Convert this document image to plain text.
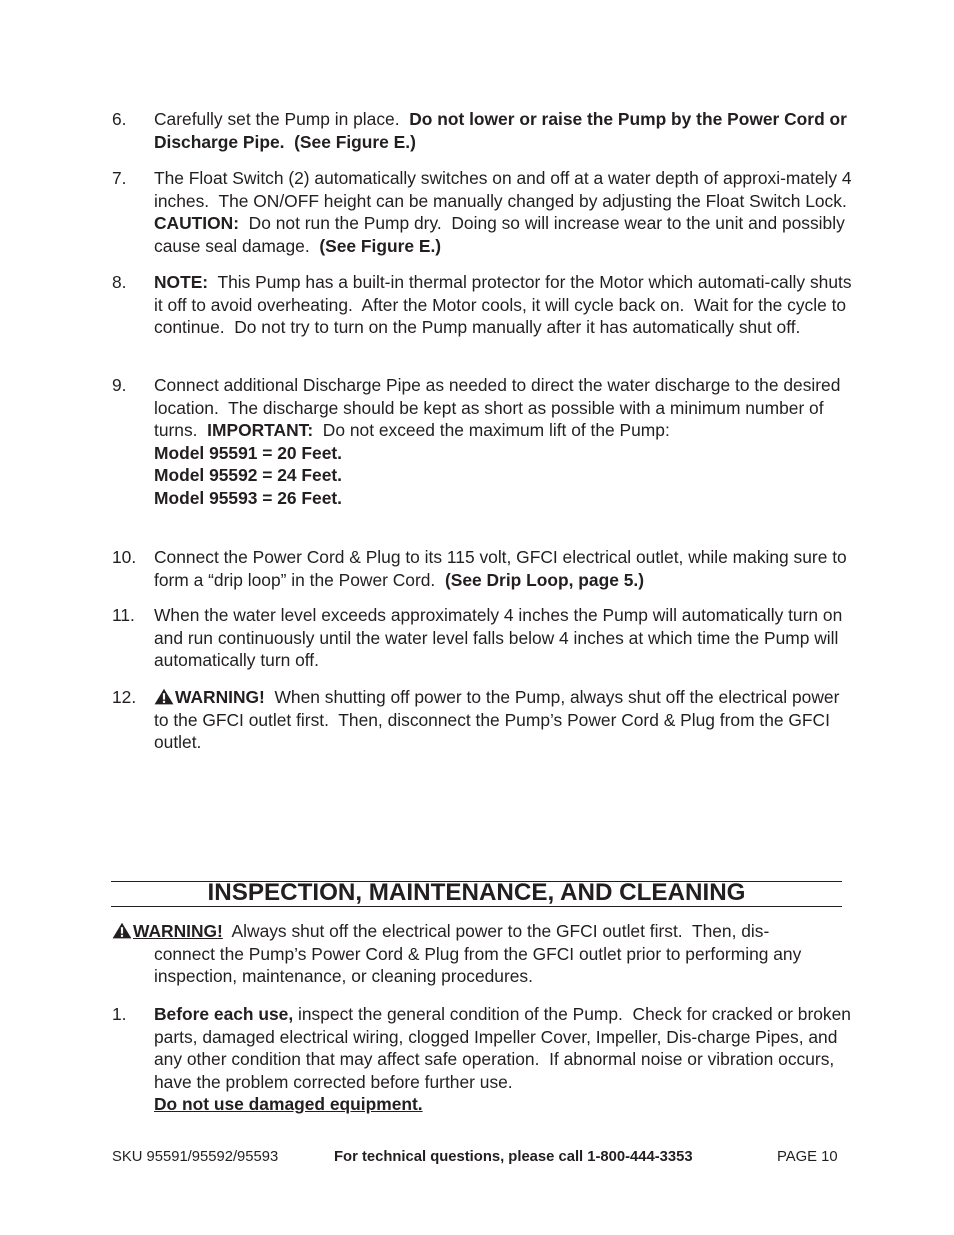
6. Carefully set the Pump in place.  Do not lower or raise the Pump by the Power Cord or Discharge Pipe.  (See Figure E.)
7. The Float Switch (2) automatically switches on and off at a water depth of approxi-mately 4 inches.  The ON/OFF height can be manually changed by adjusting the Float Switch Lock.  CAUTION:  Do not run the Pump dry.  Doing so will increase wear to the unit and possibly cause seal damage.  (See Figure E.)
8. NOTE:  This Pump has a built-in thermal protector for the Motor which automati-cally shuts it off to avoid overheating.  After the Motor cools, it will cycle back on.  Wait for the cycle to continue.  Do not try to turn on the Pump manually after it has automatically shut off.
9. Connect additional Discharge Pipe as needed to direct the water discharge to the desired location.  The discharge should be kept as short as possible with a minimum number of turns.  IMPORTANT:  Do not exceed the maximum lift of the Pump:
Model 95591 = 20 Feet.
Model 95592 = 24 Feet.
Model 95593 = 26 Feet.
10. Connect the Power Cord & Plug to its 115 volt, GFCI electrical outlet, while making sure to form a “drip loop” in the Power Cord.  (See Drip Loop, page 5.)
11. When the water level exceeds approximately 4 inches the Pump will automatically turn on and run continuously until the water level falls below 4 inches at which time the Pump will automatically turn off.
12.	WARNING!  When shutting off power to the Pump, always shut off the electrical power to the GFCI outlet first.  Then, disconnect the Pump’s Power Cord & Plug from the GFCI outlet.
INSPECTION, MAINTENANCE, AND CLEANING
WARNING!  Always shut off the electrical power to the GFCI outlet first.  Then, dis-
connect the Pump’s Power Cord & Plug from the GFCI outlet prior to performing any inspection, maintenance, or cleaning procedures.
1. Before each use, inspect the general condition of the Pump.  Check for cracked or broken parts, damaged electrical wiring, clogged Impeller Cover, Impeller, Dis-charge Pipes, and any other condition that may affect safe operation.  If abnormal noise or vibration occurs, have the problem corrected before further use.
Do not use damaged equipment.
SKU 95591/95592/95593	For technical questions, please call 1-800-444-3353	PAGE 10
